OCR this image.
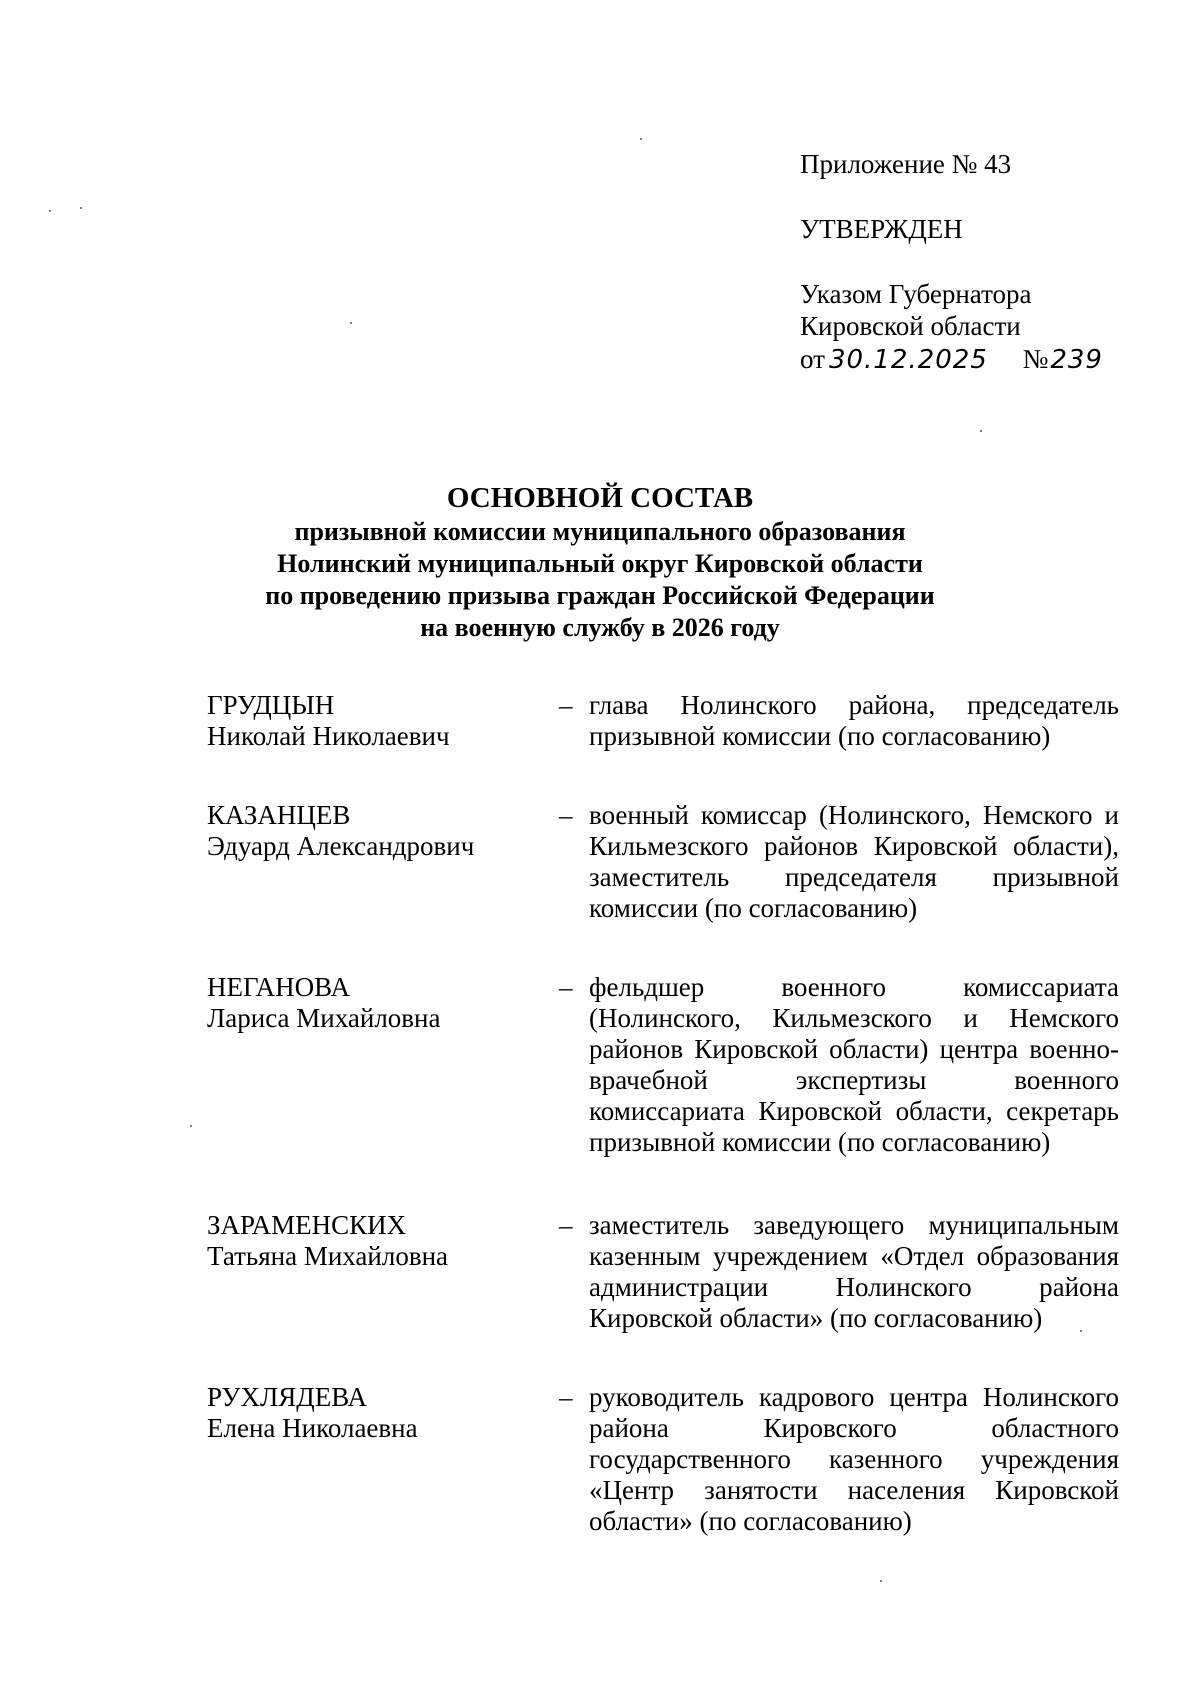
Приложение № 43

УТВЕРЖДЕН

Указом Губернатора

Кировской области

от 30.12.2025 №239

ОСНОВНОЙ СОСТАВ

призывной комиссии муниципального образования

Нолинский муниципальный округ Кировской области

по проведению призыва граждан Российской Федерации

на военную службу в 2026 году

ГРУДЦЫН
Николай Николаевич
– глава Нолинского района, председатель призывной комиссии (по согласованию)
КАЗАНЦЕВ
Эдуард Александрович
– военный комиссар (Нолинского, Немского и Кильмезского районов Кировской области), заместитель председателя призывной комиссии (по согласованию)
НЕГАНОВА
Лариса Михайловна
– фельдшер военного комиссариата (Нолинского, Кильмезского и Немского районов Кировской области) центра военно-врачебной экспертизы военного комиссариата Кировской области, секретарь призывной комиссии (по согласованию)
ЗАРАМЕНСКИХ
Татьяна Михайловна
– заместитель заведующего муниципальным казенным учреждением «Отдел образования администрации Нолинского района Кировской области» (по согласованию)
РУХЛЯДЕВА
Елена Николаевна
– руководитель кадрового центра Нолинского района Кировского областного государственного казенного учреждения «Центр занятости населения Кировской области» (по согласованию)
